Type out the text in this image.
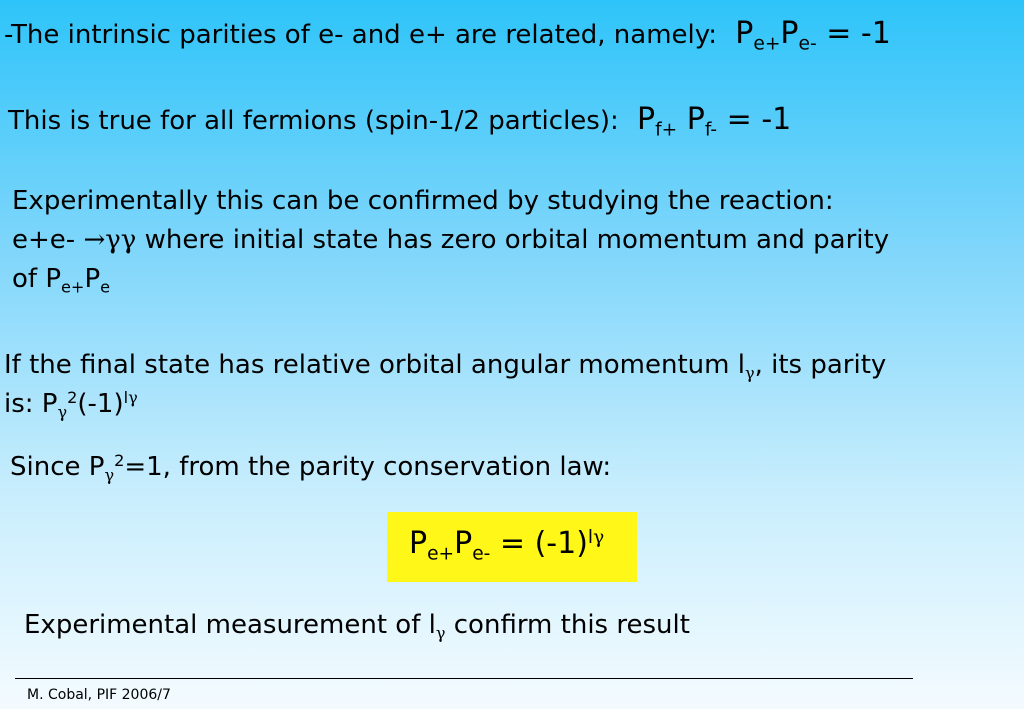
-The intrinsic parities of e- and e+ are related, namely: $P_{e+}P_{e-} = -1$
This is true for all fermions (spin-1/2 particles): $P_{f+}$ $P_{f-} = -1$
Experimentally this can be confirmed by studying the reaction:
e+e- →γγ where initial state has zero orbital momentum and parity
of $P_{e+}P_e$
If the final state has relative orbital angular momentum $l_\gamma$, its parity
is: $P_\gamma^2(-1)^{l\gamma}$
Since $P_\gamma^2=1$, from the parity conservation law:
$P_{e+}P_{e-} = (-1)^{l\gamma}$
Experimental measurement of $l_\gamma$ confirm this result
M. Cobal, PIF 2006/7
